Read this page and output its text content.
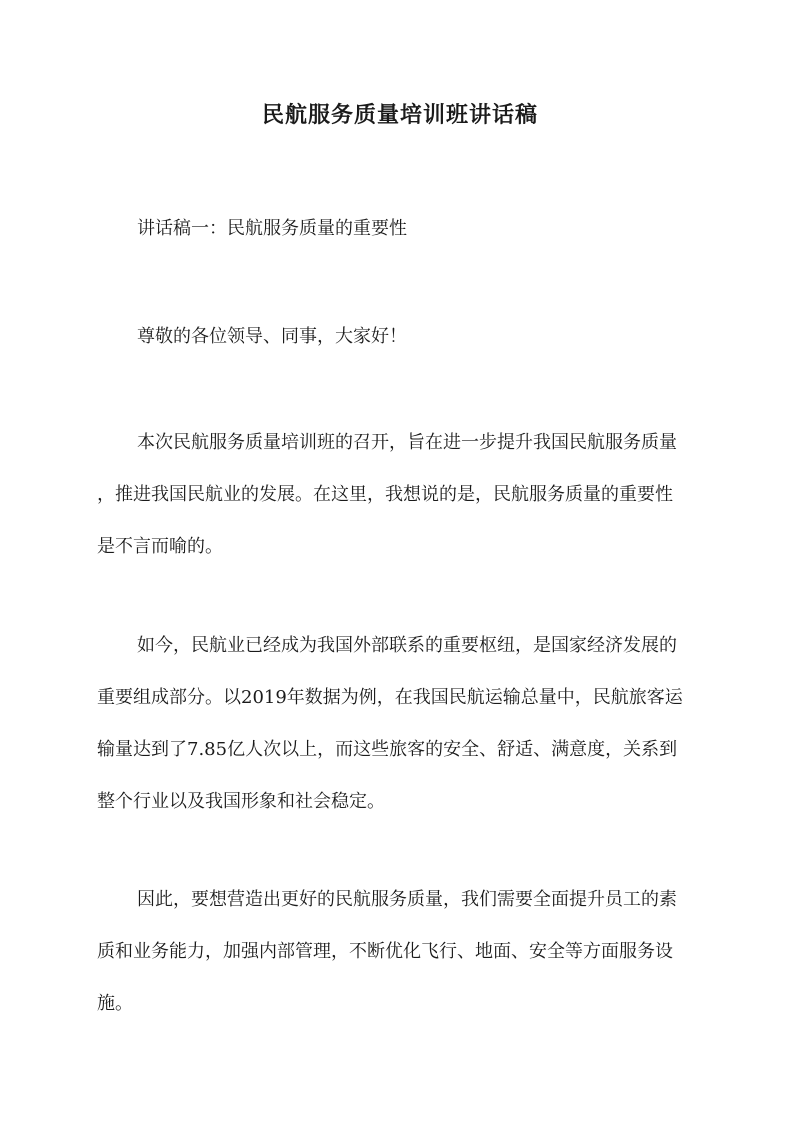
民航服务质量培训班讲话稿

讲话稿一：民航服务质量的重要性

尊敬的各位领导、同事，大家好！

本次民航服务质量培训班的召开，旨在进一步提升我国民航服务质量

，推进我国民航业的发展。在这里，我想说的是，民航服务质量的重要性

是不言而喻的。

如今，民航业已经成为我国外部联系的重要枢纽，是国家经济发展的

重要组成部分。以2019年数据为例，在我国民航运输总量中，民航旅客运

输量达到了7.85亿人次以上，而这些旅客的安全、舒适、满意度，关系到

整个行业以及我国形象和社会稳定。

因此，要想营造出更好的民航服务质量，我们需要全面提升员工的素

质和业务能力，加强内部管理，不断优化飞行、地面、安全等方面服务设

施。
